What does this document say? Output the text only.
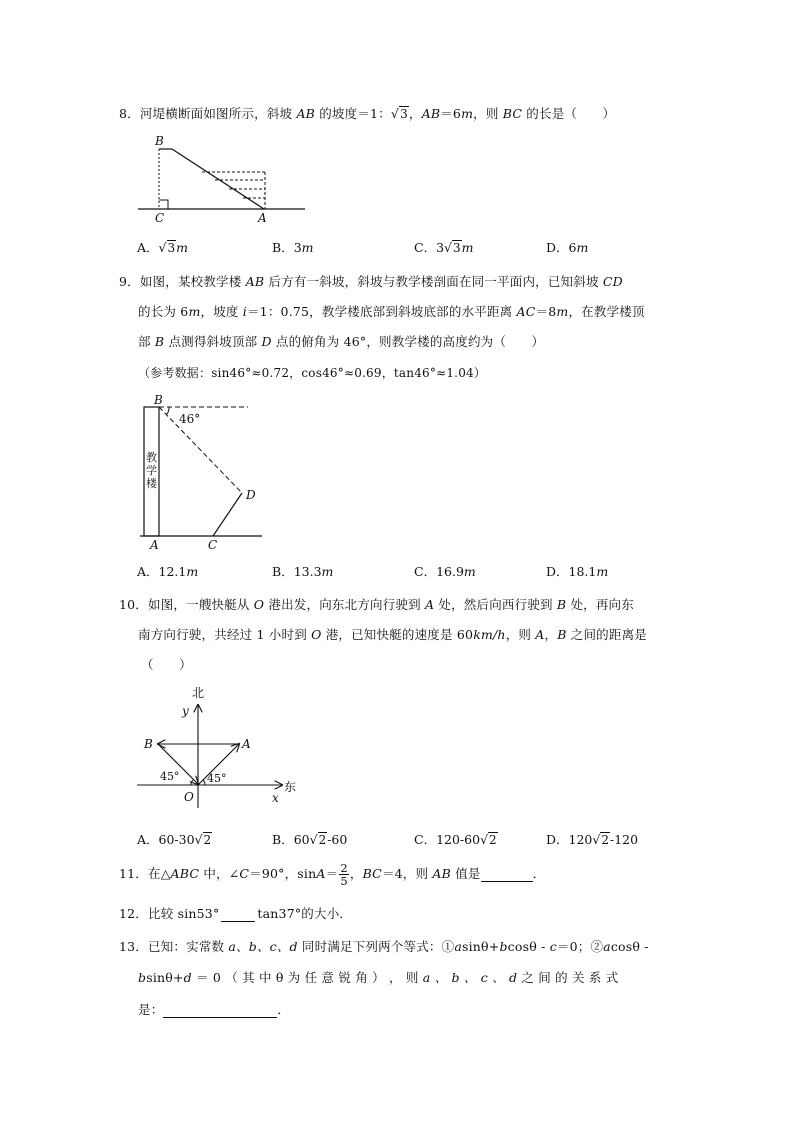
8．河堤横断面如图所示，斜坡 AB 的坡度＝1：√3，AB＝6m，则 BC 的长是（　　）
B
C	A
A．√3m	B．3m	C．3√3m	D．6m
9．如图，某校教学楼 AB 后方有一斜坡，斜坡与教学楼剖面在同一平面内，已知斜坡 CD
的长为 6m，坡度 i＝1：0.75，教学楼底部到斜坡底部的水平距离 AC＝8m，在教学楼顶
部 B 点测得斜坡顶部 D 点的俯角为 46°，则教学楼的高度约为（　　）
（参考数据：sin46°≈0.72，cos46°≈0.69，tan46°≈1.04）
B
46°
教
学
楼
D
A	C
A．12.1m	B．13.3m	C．16.9m	D．18.1m
10．如图，一艘快艇从 O 港出发，向东北方向行驶到 A 处，然后向西行驶到 B 处，再向东
南方向行驶，共经过 1 小时到 O 港，已知快艇的速度是 60km/h，则 A，B 之间的距离是
（　　）
北
y
B	A
45°	45°
O	x
东
A．60-30√2	B．60√2-60	C．120-60√2	D．120√2-120
11．在△ABC 中，∠C＝90°，$\sin A= \frac{2}{5}$ ，BC＝4，则 AB 值是	．
12．比较 sin53°	tan37°的大小．
13．已知：实常数 a、b、c、d 同时满足下列两个等式：①asinθ+bcosθ - c＝0；②acosθ -
bsinθ+d ＝ 0 （ 其 中 θ 为 任 意 锐 角 ） ， 则 a 、 b 、 c 、 d 之 间 的 关 系 式
是：	．
